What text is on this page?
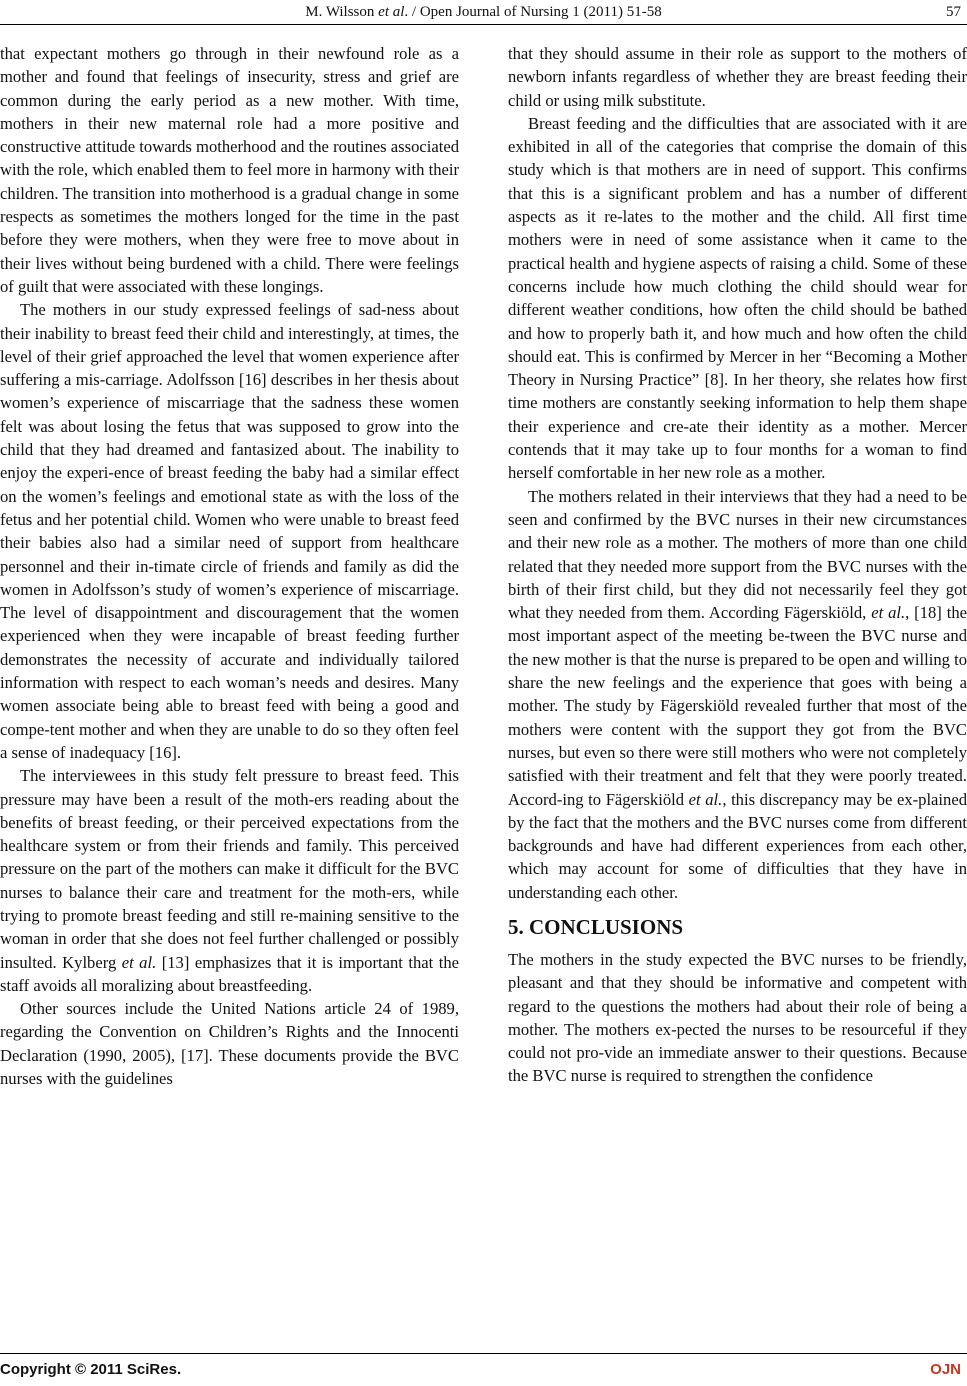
M. Wilsson et al. / Open Journal of Nursing 1 (2011) 51-58	57

that expectant mothers go through in their newfound role as a mother and found that feelings of insecurity, stress and grief are common during the early period as a new mother. With time, mothers in their new maternal role had a more positive and constructive attitude towards motherhood and the routines associated with the role, which enabled them to feel more in harmony with their children. The transition into motherhood is a gradual change in some respects as sometimes the mothers longed for the time in the past before they were mothers, when they were free to move about in their lives without being burdened with a child. There were feelings of guilt that were associated with these longings.

The mothers in our study expressed feelings of sad-ness about their inability to breast feed their child and interestingly, at times, the level of their grief approached the level that women experience after suffering a mis-carriage. Adolfsson [16] describes in her thesis about women’s experience of miscarriage that the sadness these women felt was about losing the fetus that was supposed to grow into the child that they had dreamed and fantasized about. The inability to enjoy the experi-ence of breast feeding the baby had a similar effect on the women’s feelings and emotional state as with the loss of the fetus and her potential child. Women who were unable to breast feed their babies also had a similar need of support from healthcare personnel and their in-timate circle of friends and family as did the women in Adolfsson’s study of women’s experience of miscarriage. The level of disappointment and discouragement that the women experienced when they were incapable of breast feeding further demonstrates the necessity of accurate and individually tailored information with respect to each woman’s needs and desires. Many women associate being able to breast feed with being a good and compe-tent mother and when they are unable to do so they often feel a sense of inadequacy [16].

The interviewees in this study felt pressure to breast feed. This pressure may have been a result of the moth-ers reading about the benefits of breast feeding, or their perceived expectations from the healthcare system or from their friends and family. This perceived pressure on the part of the mothers can make it difficult for the BVC nurses to balance their care and treatment for the moth-ers, while trying to promote breast feeding and still re-maining sensitive to the woman in order that she does not feel further challenged or possibly insulted. Kylberg et al. [13] emphasizes that it is important that the staff avoids all moralizing about breastfeeding.

Other sources include the United Nations article 24 of 1989, regarding the Convention on Children’s Rights and the Innocenti Declaration (1990, 2005), [17]. These documents provide the BVC nurses with the guidelines

that they should assume in their role as support to the mothers of newborn infants regardless of whether they are breast feeding their child or using milk substitute.

Breast feeding and the difficulties that are associated with it are exhibited in all of the categories that comprise the domain of this study which is that mothers are in need of support. This confirms that this is a significant problem and has a number of different aspects as it re-lates to the mother and the child. All first time mothers were in need of some assistance when it came to the practical health and hygiene aspects of raising a child. Some of these concerns include how much clothing the child should wear for different weather conditions, how often the child should be bathed and how to properly bath it, and how much and how often the child should eat. This is confirmed by Mercer in her “Becoming a Mother Theory in Nursing Practice” [8]. In her theory, she relates how first time mothers are constantly seeking information to help them shape their experience and cre-ate their identity as a mother. Mercer contends that it may take up to four months for a woman to find herself comfortable in her new role as a mother.

The mothers related in their interviews that they had a need to be seen and confirmed by the BVC nurses in their new circumstances and their new role as a mother. The mothers of more than one child related that they needed more support from the BVC nurses with the birth of their first child, but they did not necessarily feel they got what they needed from them. According Fägerskiöld, et al., [18] the most important aspect of the meeting be-tween the BVC nurse and the new mother is that the nurse is prepared to be open and willing to share the new feelings and the experience that goes with being a mother. The study by Fägerskiöld revealed further that most of the mothers were content with the support they got from the BVC nurses, but even so there were still mothers who were not completely satisfied with their treatment and felt that they were poorly treated. Accord-ing to Fägerskiöld et al., this discrepancy may be ex-plained by the fact that the mothers and the BVC nurses come from different backgrounds and have had different experiences from each other, which may account for some of difficulties that they have in understanding each other.

5. CONCLUSIONS

The mothers in the study expected the BVC nurses to be friendly, pleasant and that they should be informative and competent with regard to the questions the mothers had about their role of being a mother. The mothers ex-pected the nurses to be resourceful if they could not pro-vide an immediate answer to their questions. Because the BVC nurse is required to strengthen the confidence

Copyright © 2011 SciRes.	OJN
